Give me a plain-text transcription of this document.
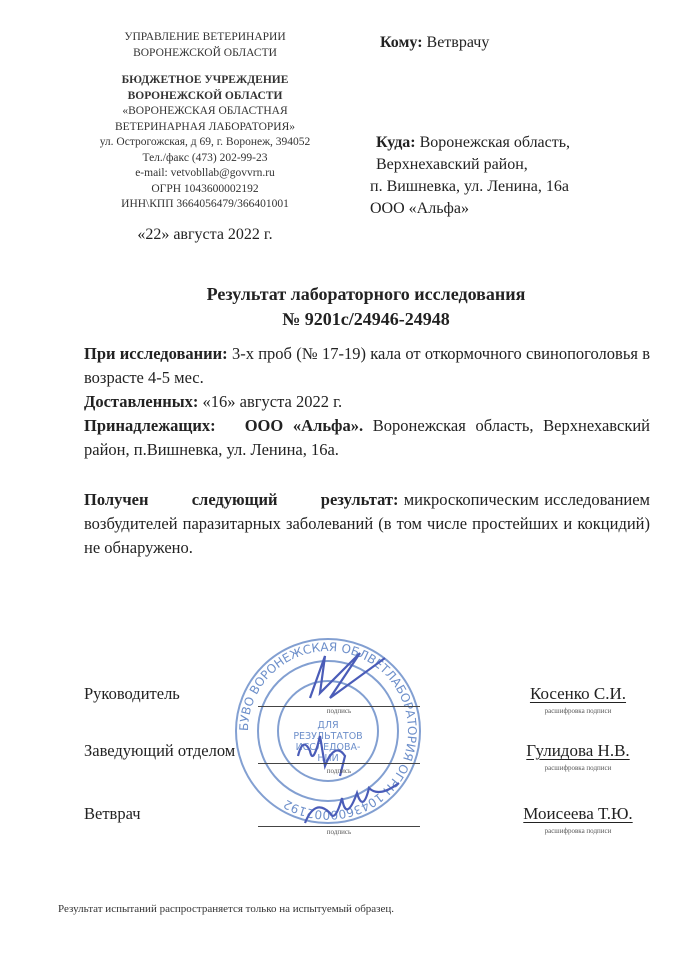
УПРАВЛЕНИЕ ВЕТЕРИНАРИИ
ВОРОНЕЖСКОЙ ОБЛАСТИ
БЮДЖЕТНОЕ УЧРЕЖДЕНИЕ
ВОРОНЕЖСКОЙ ОБЛАСТИ
«ВОРОНЕЖСКАЯ ОБЛАСТНАЯ
ВЕТЕРИНАРНАЯ ЛАБОРАТОРИЯ»
ул. Острогожская, д 69, г. Воронеж, 394052
Тел./факс (473) 202-99-23
e-mail: vetvobllab@govvrn.ru
ОГРН 1043600002192
ИНН\КПП 3664056479/366401001
«22» августа 2022 г.
Кому: Ветврачу
Куда: Воронежская область,
Верхнехавский район,
п. Вишневка, ул. Ленина, 16а
ООО «Альфа»
Результат лабораторного исследования
№ 9201с/24946-24948

При исследовании: 3-х проб (№ 17-19) кала от откормочного свинопоголовья в возрасте 4-5 мес.

Доставленных: «16» августа 2022 г.

Принадлежащих: ООО «Альфа». Воронежская область, Верхнехавский район, п.Вишневка, ул. Ленина, 16а.

Получен следующий результат: микроскопическим исследованием возбудителей паразитарных заболеваний (в том числе простейших и кокцидий) не обнаружено.

БУВО ВОРОНЕЖСКАЯ ОБЛВЕТЛАБОРАТОРИЯ ОГРН 1043600002192
ДЛЯ
РЕЗУЛЬТАТОВ
ИССЛЕДОВА-
НИИ
Руководитель
подпись
Косенко С.И.
расшифровка подписи
Заведующий отделом
подпись
Гулидова Н.В.
расшифровка подписи
Ветврач
подпись
Моисеева Т.Ю.
расшифровка подписи
Результат испытаний распространяется только на испытуемый образец.
